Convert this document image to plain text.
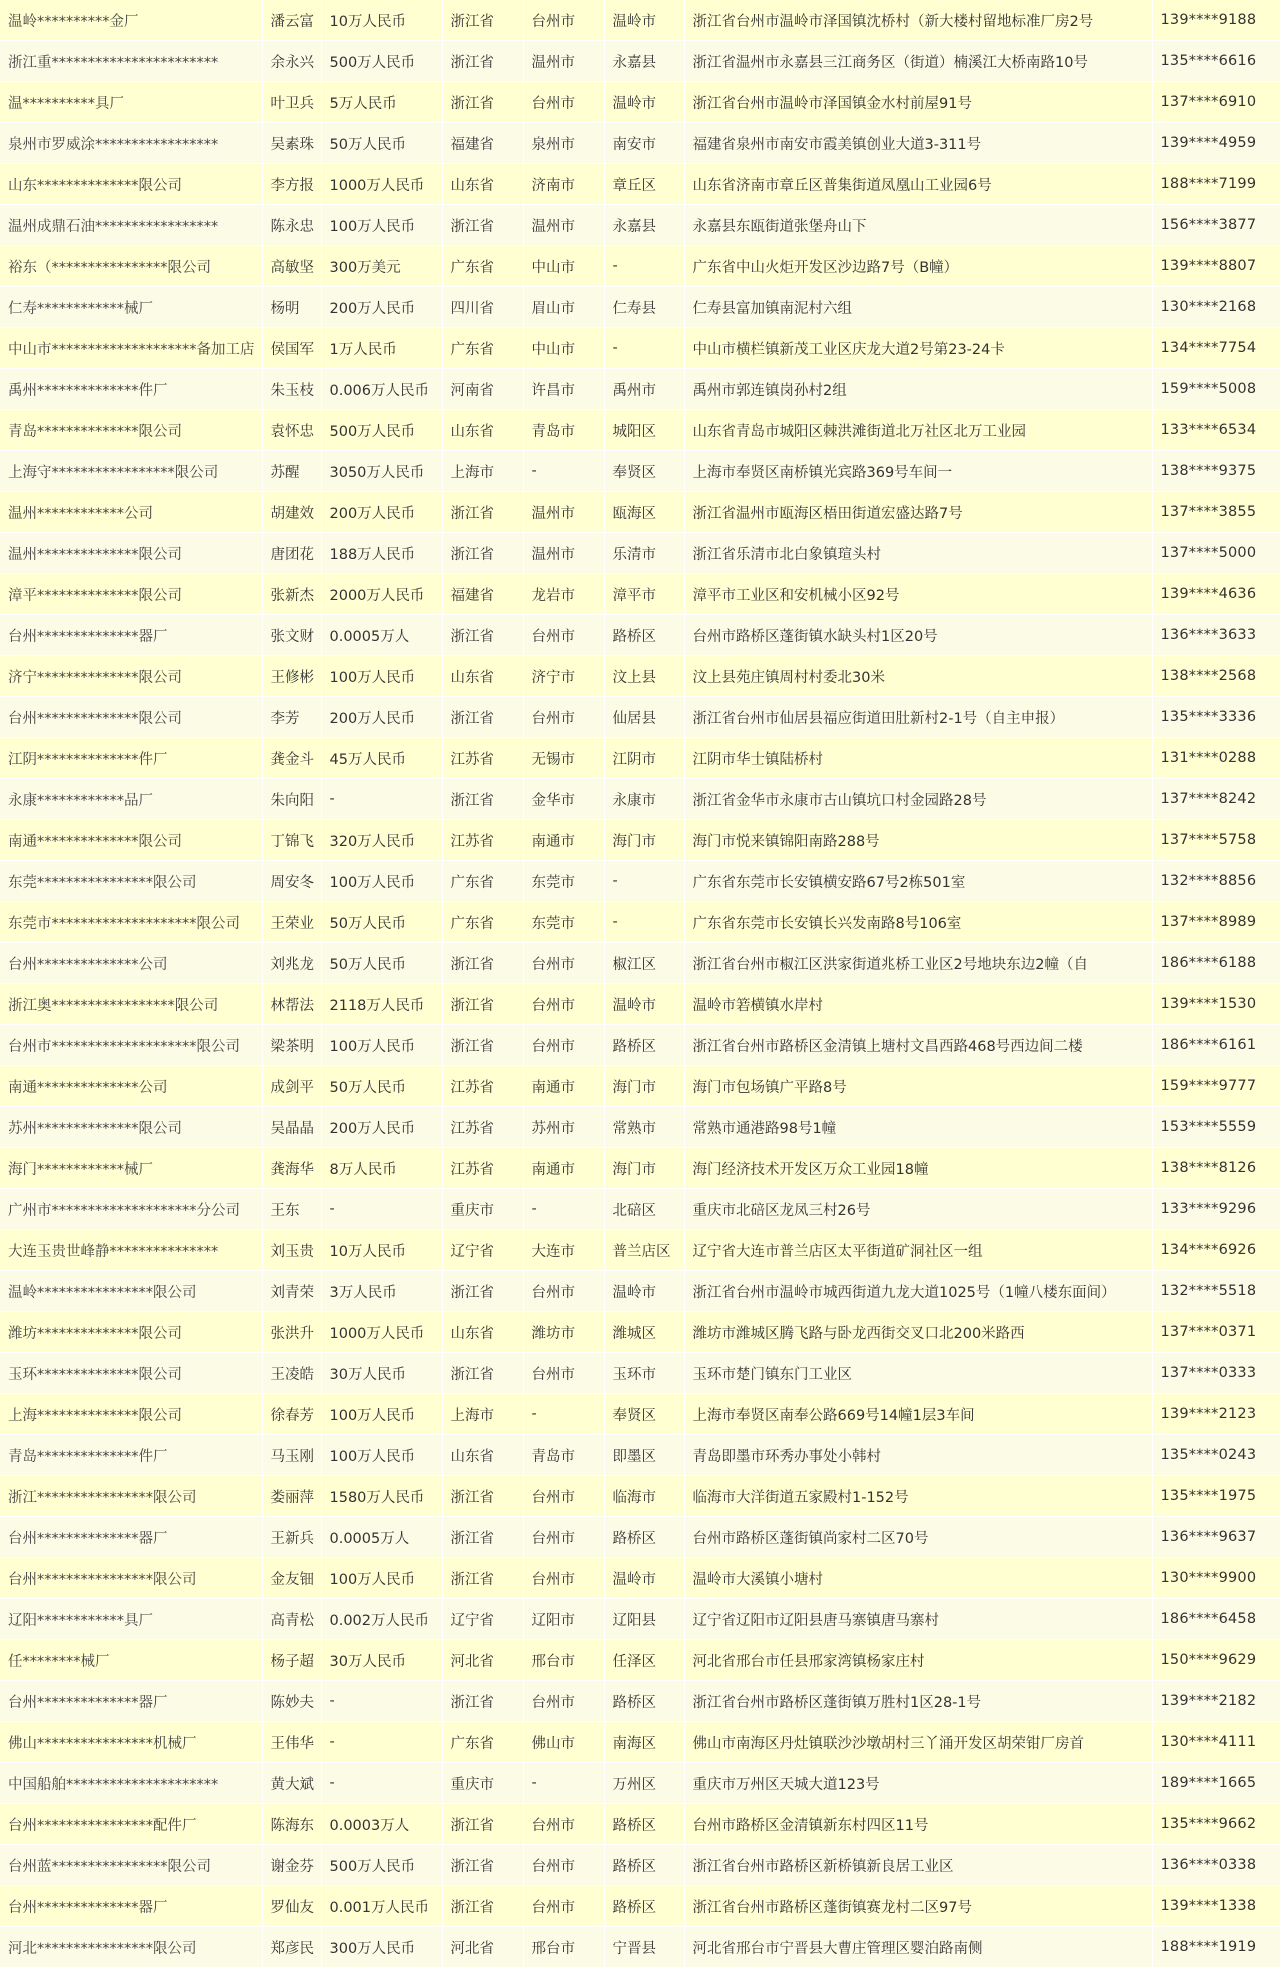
温岭**********金厂	潘云富	10万人民币	浙江省	台州市	温岭市	浙江省台州市温岭市泽国镇沈桥村（新大楼村留地标准厂房2号	139****9188
浙江重***********************	余永兴	500万人民币	浙江省	温州市	永嘉县	浙江省温州市永嘉县三江商务区（街道）楠溪江大桥南路10号	135****6616
温**********具厂	叶卫兵	5万人民币	浙江省	台州市	温岭市	浙江省台州市温岭市泽国镇金水村前屋91号	137****6910
泉州市罗威涂*****************	吴素珠	50万人民币	福建省	泉州市	南安市	福建省泉州市南安市霞美镇创业大道3-311号	139****4959
山东**************限公司	李方报	1000万人民币	山东省	济南市	章丘区	山东省济南市章丘区普集街道凤凰山工业园6号	188****7199
温州成鼎石油*****************	陈永忠	100万人民币	浙江省	温州市	永嘉县	永嘉县东瓯街道张堡舟山下	156****3877
裕东（****************限公司	高敏坚	300万美元	广东省	中山市	-	广东省中山火炬开发区沙边路7号（B幢）	139****8807
仁寿************械厂	杨明	200万人民币	四川省	眉山市	仁寿县	仁寿县富加镇南泥村六组	130****2168
中山市********************备加工店	侯国军	1万人民币	广东省	中山市	-	中山市横栏镇新茂工业区庆龙大道2号第23-24卡	134****7754
禹州**************件厂	朱玉枝	0.006万人民币	河南省	许昌市	禹州市	禹州市郭连镇岗孙村2组	159****5008
青岛**************限公司	袁怀忠	500万人民币	山东省	青岛市	城阳区	山东省青岛市城阳区棘洪滩街道北万社区北万工业园	133****6534
上海守*****************限公司	苏醒	3050万人民币	上海市	-	奉贤区	上海市奉贤区南桥镇光宾路369号车间一	138****9375
温州************公司	胡建效	200万人民币	浙江省	温州市	瓯海区	浙江省温州市瓯海区梧田街道宏盛达路7号	137****3855
温州**************限公司	唐团花	188万人民币	浙江省	温州市	乐清市	浙江省乐清市北白象镇瑄头村	137****5000
漳平**************限公司	张新杰	2000万人民币	福建省	龙岩市	漳平市	漳平市工业区和安机械小区92号	139****4636
台州**************器厂	张文财	0.0005万人	浙江省	台州市	路桥区	台州市路桥区蓬街镇水缺头村1区20号	136****3633
济宁**************限公司	王修彬	100万人民币	山东省	济宁市	汶上县	汶上县苑庄镇周村村委北30米	138****2568
台州**************限公司	李芳	200万人民币	浙江省	台州市	仙居县	浙江省台州市仙居县福应街道田肚新村2-1号（自主申报）	135****3336
江阴**************件厂	龚金斗	45万人民币	江苏省	无锡市	江阴市	江阴市华士镇陆桥村	131****0288
永康************品厂	朱向阳	-	浙江省	金华市	永康市	浙江省金华市永康市古山镇坑口村金园路28号	137****8242
南通**************限公司	丁锦飞	320万人民币	江苏省	南通市	海门市	海门市悦来镇锦阳南路288号	137****5758
东莞****************限公司	周安冬	100万人民币	广东省	东莞市	-	广东省东莞市长安镇横安路67号2栋501室	132****8856
东莞市********************限公司	王荣业	50万人民币	广东省	东莞市	-	广东省东莞市长安镇长兴发南路8号106室	137****8989
台州**************公司	刘兆龙	50万人民币	浙江省	台州市	椒江区	浙江省台州市椒江区洪家街道兆桥工业区2号地块东边2幢（自	186****6188
浙江奥*****************限公司	林帮法	2118万人民币	浙江省	台州市	温岭市	温岭市箬横镇水岸村	139****1530
台州市********************限公司	梁茶明	100万人民币	浙江省	台州市	路桥区	浙江省台州市路桥区金清镇上塘村文昌西路468号西边间二楼	186****6161
南通**************公司	成剑平	50万人民币	江苏省	南通市	海门市	海门市包场镇广平路8号	159****9777
苏州**************限公司	吴晶晶	200万人民币	江苏省	苏州市	常熟市	常熟市通港路98号1幢	153****5559
海门************械厂	龚海华	8万人民币	江苏省	南通市	海门市	海门经济技术开发区万众工业园18幢	138****8126
广州市********************分公司	王东	-	重庆市	-	北碚区	重庆市北碚区龙凤三村26号	133****9296
大连玉贵世峰静***************	刘玉贵	10万人民币	辽宁省	大连市	普兰店区	辽宁省大连市普兰店区太平街道矿洞社区一组	134****6926
温岭****************限公司	刘青荣	3万人民币	浙江省	台州市	温岭市	浙江省台州市温岭市城西街道九龙大道1025号（1幢八楼东面间）	132****5518
潍坊**************限公司	张洪升	1000万人民币	山东省	潍坊市	潍城区	潍坊市潍城区腾飞路与卧龙西街交叉口北200米路西	137****0371
玉环**************限公司	王凌皓	30万人民币	浙江省	台州市	玉环市	玉环市楚门镇东门工业区	137****0333
上海**************限公司	徐春芳	100万人民币	上海市	-	奉贤区	上海市奉贤区南奉公路669号14幢1层3车间	139****2123
青岛**************件厂	马玉刚	100万人民币	山东省	青岛市	即墨区	青岛即墨市环秀办事处小韩村	135****0243
浙江****************限公司	娄丽萍	1580万人民币	浙江省	台州市	临海市	临海市大洋街道五家殿村1-152号	135****1975
台州**************器厂	王新兵	0.0005万人	浙江省	台州市	路桥区	台州市路桥区蓬街镇尚家村二区70号	136****9637
台州****************限公司	金友钿	100万人民币	浙江省	台州市	温岭市	温岭市大溪镇小塘村	130****9900
辽阳************具厂	高青松	0.002万人民币	辽宁省	辽阳市	辽阳县	辽宁省辽阳市辽阳县唐马寨镇唐马寨村	186****6458
任********械厂	杨子超	30万人民币	河北省	邢台市	任泽区	河北省邢台市任县邢家湾镇杨家庄村	150****9629
台州**************器厂	陈妙夫	-	浙江省	台州市	路桥区	浙江省台州市路桥区蓬街镇万胜村1区28-1号	139****2182
佛山****************机械厂	王伟华	-	广东省	佛山市	南海区	佛山市南海区丹灶镇联沙沙墩胡村三丫涌开发区胡荣钳厂房首	130****4111
中国船舶*********************	黄大斌	-	重庆市	-	万州区	重庆市万州区天城大道123号	189****1665
台州****************配件厂	陈海东	0.0003万人	浙江省	台州市	路桥区	台州市路桥区金清镇新东村四区11号	135****9662
台州蓝****************限公司	谢金芬	500万人民币	浙江省	台州市	路桥区	浙江省台州市路桥区新桥镇新良居工业区	136****0338
台州**************器厂	罗仙友	0.001万人民币	浙江省	台州市	路桥区	浙江省台州市路桥区蓬街镇赛龙村二区97号	139****1338
河北****************限公司	郑彦民	300万人民币	河北省	邢台市	宁晋县	河北省邢台市宁晋县大曹庄管理区婴泊路南侧	188****1919
